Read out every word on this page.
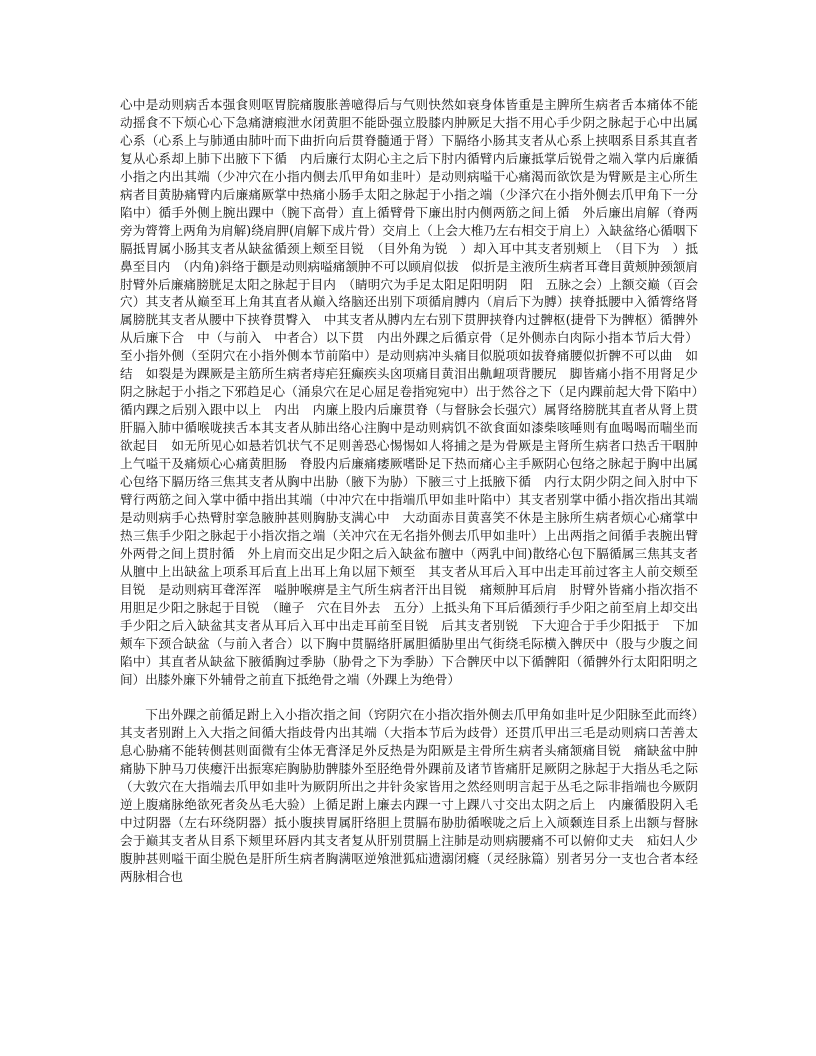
心中是动则病舌本强食则呕胃脘痛腹胀善噫得后与气则快然如衰身体皆重是主脾所生病者舌本痛体不能动摇食不下烦心心下急痛溏瘕泄水闭黄胆不能卧强立股膝内肿厥足大指不用心手少阴之脉起于心中出属心系（心系上与肺通由肺叶而下曲折向后贯脊髓通于肾）下膈络小肠其支者从心系上挟咽系目系其直者复从心系却上肺下出腋下下循　内后廉行太阴心主之后下肘内循臂内后廉抵掌后锐骨之端入掌内后廉循小指之内出其端（少冲穴在小指内侧去爪甲角如韭叶）是动则病嗌干心痛渴而欲饮是为臂厥是主心所生病者目黄胁痛臂内后廉痛厥掌中热痛小肠手太阳之脉起于小指之端（少泽穴在小指外侧去爪甲角下一分陷中）循手外侧上腕出踝中（腕下高骨）直上循臂骨下廉出肘内侧两筋之间上循　外后廉出肩解（脊两旁为膂膂上两角为肩解)绕肩胛(肩解下成片骨）交肩上（上会大椎乃左右相交于肩上）入缺盆络心循咽下膈抵胃属小肠其支者从缺盆循颈上颊至目锐　（目外角为锐　）却入耳中其支者别颊上　（目下为　）抵鼻至目内　（内角)斜络于颧是动则病嗌痛颔肿不可以顾肩似拔　似折是主液所生病者耳聋目黄颊肿颈颔肩　肘臂外后廉痛膀胱足太阳之脉起于目内　（睛明穴为手足太阳足阳明阴　阳　五脉之会）上额交巅（百会穴）其支者从巅至耳上角其直者从巅入络脑还出别下项循肩膊内（肩后下为膊）挟脊抵腰中入循膂络肾属膀胱其支者从腰中下挟脊贯臀入　中其支者从膊内左右别下贯胛挟脊内过髀枢(捷骨下为髀枢）循髀外从后廉下合　中（与前入　中者合）以下贯　内出外踝之后循京骨（足外侧赤白肉际小指本节后大骨）至小指外侧（至阴穴在小指外侧本节前陷中）是动则病冲头痛目似脱项如拔脊痛腰似折髀不可以曲　如结　如裂是为踝厥是主筋所生病者痔疟狂癫疾头囟项痛目黄泪出鼽衄项背腰尻　脚皆痛小指不用肾足少阴之脉起于小指之下邪趋足心（涌泉穴在足心屈足卷指宛宛中）出于然谷之下（足内踝前起大骨下陷中）循内踝之后别入跟中以上　内出　内廉上股内后廉贯脊（与督脉会长强穴）属肾络膀胱其直者从肾上贯肝膈入肺中循喉咙挟舌本其支者从肺出络心注胸中是动则病饥不欲食面如漆柴咳唾则有血喝喝而喘坐而欲起目　如无所见心如悬若饥状气不足则善恐心惕惕如人将捕之是为骨厥是主肾所生病者口热舌干咽肿上气嗌干及痛烦心心痛黄胆肠　脊股内后廉痛痿厥嗜卧足下热而痛心主手厥阴心包络之脉起于胸中出属心包络下膈历络三焦其支者从胸中出胁（腋下为胁）下腋三寸上抵腋下循　内行太阴少阴之间入肘中下臂行两筋之间入掌中循中指出其端（中冲穴在中指端爪甲如韭叶陷中）其支者别掌中循小指次指出其端是动则病手心热臂肘挛急腋肿甚则胸胁支满心中　大动面赤目黄喜笑不休是主脉所生病者烦心心痛掌中热三焦手少阳之脉起于小指次指之端（关冲穴在无名指外侧去爪甲如韭叶）上出两指之间循手表腕出臂外两骨之间上贯肘循　外上肩而交出足少阳之后入缺盆布膻中（两乳中间)散络心包下膈循属三焦其支者从膻中上出缺盆上项系耳后直上出耳上角以屈下颊至　其支者从耳后入耳中出走耳前过客主人前交颊至目锐　是动则病耳聋浑浑　嗌肿喉痹是主气所生病者汗出目锐　痛颊肿耳后肩　肘臂外皆痛小指次指不用胆足少阳之脉起于目锐　（瞳子　穴在目外去　五分）上抵头角下耳后循颈行手少阳之前至肩上却交出手少阳之后入缺盆其支者从耳后入耳中出走耳前至目锐　后其支者别锐　下大迎合于手少阳抵于　下加颊车下颈合缺盆（与前入者合）以下胸中贯膈络肝属胆循胁里出气街绕毛际横入髀厌中（股与少腹之间陷中）其直者从缺盆下腋循胸过季胁（胁骨之下为季胁）下合髀厌中以下循髀阳（循髀外行太阳阳明之间）出膝外廉下外辅骨之前直下抵绝骨之端（外踝上为绝骨）

下出外踝之前循足跗上入小指次指之间（窍阴穴在小指次指外侧去爪甲角如韭叶足少阳脉至此而终）其支者别跗上入大指之间循大指歧骨内出其端（大指本节后为歧骨）还贯爪甲出三毛是动则病口苦善太息心胁痛不能转侧甚则面微有尘体无膏泽足外反热是为阳厥是主骨所生病者头痛颔痛目锐　痛缺盆中肿痛胁下肿马刀侠瘿汗出振寒疟胸胁肋髀膝外至胫绝骨外踝前及诸节皆痛肝足厥阴之脉起于大指丛毛之际（大敦穴在大指端去爪甲如韭叶为厥阴所出之井针灸家皆用之然经则明言起于丛毛之际非指端也今厥阴逆上腹痛脉绝欲死者灸丛毛大验）上循足跗上廉去内踝一寸上踝八寸交出太阴之后上　内廉循股阴入毛中过阴器（左右环绕阴器）抵小腹挟胃属肝络胆上贯膈布胁肋循喉咙之后上入颃颡连目系上出额与督脉会于巅其支者从目系下颊里环唇内其支者复从肝别贯膈上注肺是动则病腰痛不可以俯仰丈夫　疝妇人少腹肿甚则嗌干面尘脱色是肝所生病者胸满呕逆飧泄狐疝遗溺闭癃（灵经脉篇）别者另分一支也合者本经两脉相合也
